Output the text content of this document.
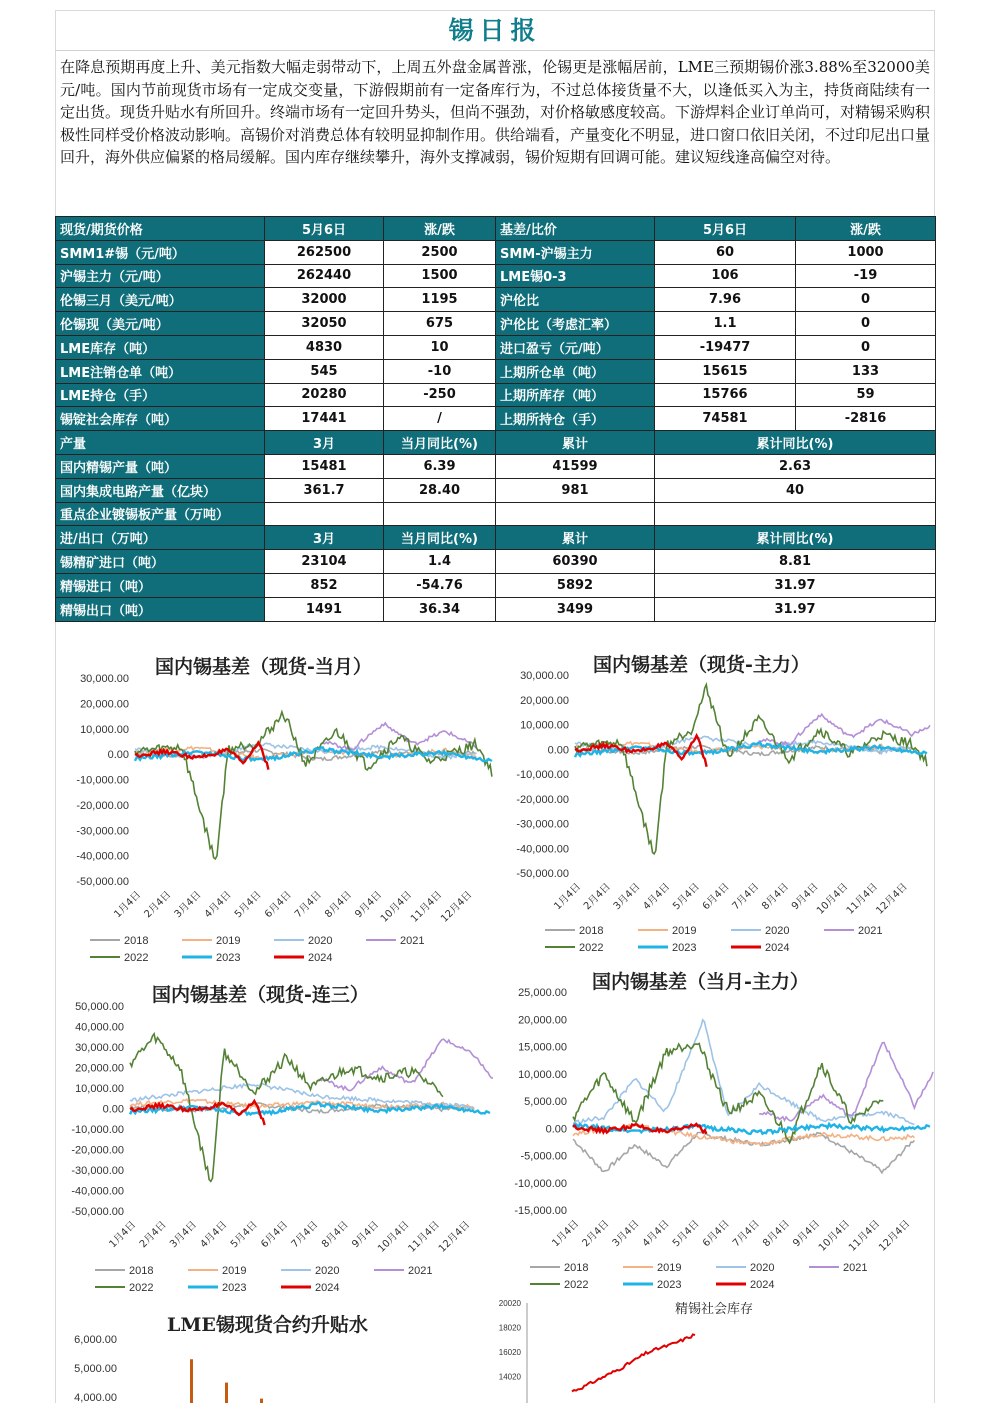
锡日报
在降息预期再度上升、美元指数大幅走弱带动下，上周五外盘金属普涨，伦锡更是涨幅居前，LME三预期锡价涨3.88%至32000美元/吨。国内节前现货市场有一定成交变量，下游假期前有一定备库行为，不过总体接货量不大，以逢低买入为主，持货商陆续有一定出货。现货升贴水有所回升。终端市场有一定回升势头，但尚不强劲，对价格敏感度较高。下游焊料企业订单尚可，对精锡采购积极性同样受价格波动影响。高锡价对消费总体有较明显抑制作用。供给端看，产量变化不明显，进口窗口依旧关闭，不过印尼出口量回升，海外供应偏紧的格局缓解。国内库存继续攀升，海外支撑减弱，锡价短期有回调可能。建议短线逢高偏空对待。
现货/期货价格	5月6日	涨/跌	基差/比价	5月6日	涨/跌
SMM1#锡（元/吨）	262500	2500	SMM-沪锡主力	60	1000
沪锡主力（元/吨）	262440	1500	LME锡0-3	106	-19
伦锡三月（美元/吨）	32000	1195	沪伦比	7.96	0
伦锡现（美元/吨）	32050	675	沪伦比（考虑汇率）	1.1	0
LME库存（吨）	4830	10	进口盈亏（元/吨）	-19477	0
LME注销仓单（吨）	545	-10	上期所仓单（吨）	15615	133
LME持仓（手）	20280	-250	上期所库存（吨）	15766	59
锡锭社会库存（吨）	17441	/	上期所持仓（手）	74581	-2816
产量	3月	当月同比(%)	累计	累计同比(%)	
国内精锡产量（吨）	15481	6.39	41599	2.63	
国内集成电路产量（亿块）	361.7	28.40	981	40	
重点企业镀锡板产量（万吨）					
进/出口（万吨）	3月	当月同比(%)	累计	累计同比(%)	
锡精矿进口（吨）	23104	1.4	60390	8.81	
精锡进口（吨）	852	-54.76	5892	31.97	
精锡出口（吨）	1491	36.34	3499	31.97	
国内锡基差（现货-当月）
30,000.00
20,000.00
10,000.00
0.00
-10,000.00
-20,000.00
-30,000.00
-40,000.00
-50,000.00
1月4日 2月4日 3月4日 4月4日 5月4日 6月4日 7月4日 8月4日 9月4日
10月4日
11月4日
12月4日
2018	2019	2020	2021
2022	2023	2024
国内锡基差（现货-主力）
30,000.00
20,000.00
10,000.00
0.00
-10,000.00
-20,000.00
-30,000.00
-40,000.00
-50,000.00
1月4日
2月4日
3月4日
4月4日
5月4日
6月4日
7月4日
8月4日
9月4日
10月4日
11月4日
12月4日
2018	2019	2020	2021
2022	2023	2024
国内锡基差（现货-连三）
50,000.00
40,000.00
30,000.00
20,000.00
10,000.00
0.00
-10,000.00
-20,000.00
-30,000.00
-40,000.00
-50,000.00
1月4日 2月4日 3月4日 4月4日 5月4日 6月4日 7月4日 8月4日 9月4日
10月4日
11月4日
12月4日
2018	2019	2020	2021
2022	2023	2024
国内锡基差（当月-主力）
25,000.00
20,000.00
15,000.00
10,000.00
5,000.00
0.00
-5,000.00
-10,000.00
-15,000.00
1月4日 2月4日 3月4日 4月4日 5月4日 6月4日 7月4日 8月4日 9月4日
10月4日
11月4日
12月4日
2018	2019	2020	2021
2022	2023	2024
LME锡现货合约升贴水
6,000.00
5,000.00
4,000.00
精锡社会库存
20020
18020
16020
14020
